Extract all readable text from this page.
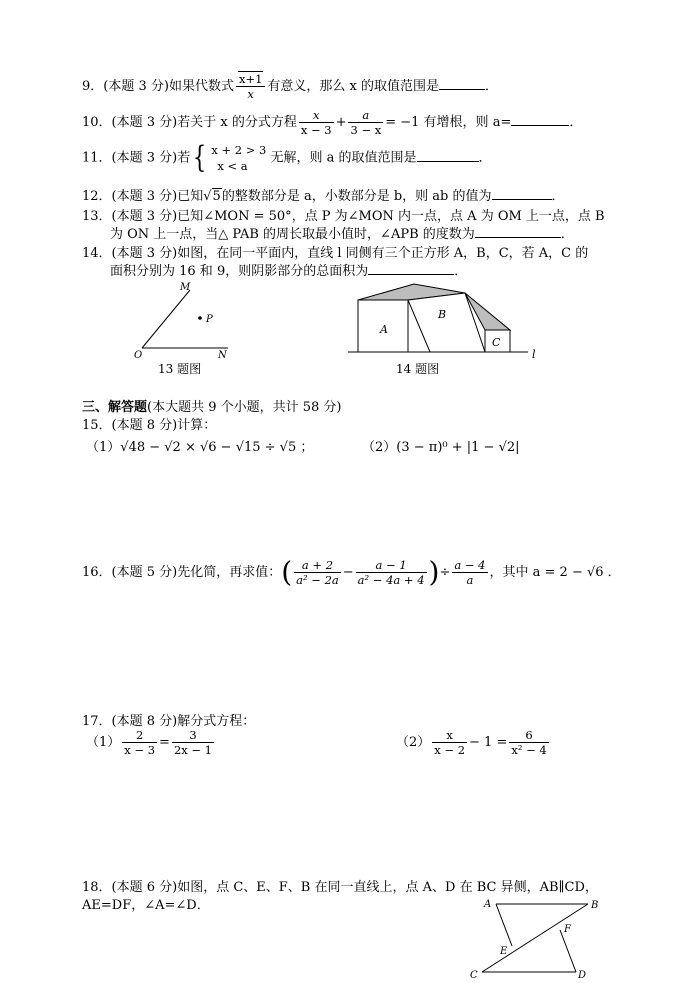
9．(本题 3 分)如果代数式 $\frac{x+1}{x}$ 有意义，那么 x 的取值范围是	．
10．(本题 3 分)若关于 x 的分式方程 $\frac{x}{x - 3} + \frac{a}{3 - x} = -1$ 有增根，则 a=	．
11．(本题 3 分)若{ x + 2 > 3
x < a
无解，则 a 的取值范围是	．
12．(本题 3 分)已知√5的整数部分是 a，小数部分是 b，则 ab 的值为	．
13．(本题 3 分)已知∠MON = 50°，点 P 为∠MON 内一点，点 A 为 OM 上一点，点 B
为 ON 上一点，当△ PAB 的周长取最小值时，∠APB 的度数为	．
14．(本题 3 分)如图，在同一平面内，直线 l 同侧有三个正方形 A，B，C，若 A，C 的
面积分别为 16 和 9，则阴影部分的总面积为	．
M
P
O	N
13 题图
A
B
C
l
14 题图
三、解答题(本大题共 9 个小题，共计 58 分)
15．(本题 8 分)计算：
（1）√48 − √2 × √6 − √15 ÷ √5 ；	（2）(3 − π)⁰ + |1 − √2|
16．(本题 5 分)先化简，再求值：( $\frac{a + 2}{\text{a² − 2a}} - \frac{a - 1}{\text{a² − 4a + 4}}$ )÷ $\frac{a - 4}{a}$ ，其中 a = 2 − √6 ．
17．(本题 8 分)解分式方程：
$(1) \frac{2}{x - 3} = \frac{3}{2x - 1}$	$(2) \frac{x}{x - 2} - 1 = \frac{6}{\text{x² − 4}}$
18．(本题 6 分)如图，点 C、E、F、B 在同一直线上，点 A、D 在 BC 异侧，AB∥CD，
AE=DF，∠A=∠D．	A	B
C	D
E
F
